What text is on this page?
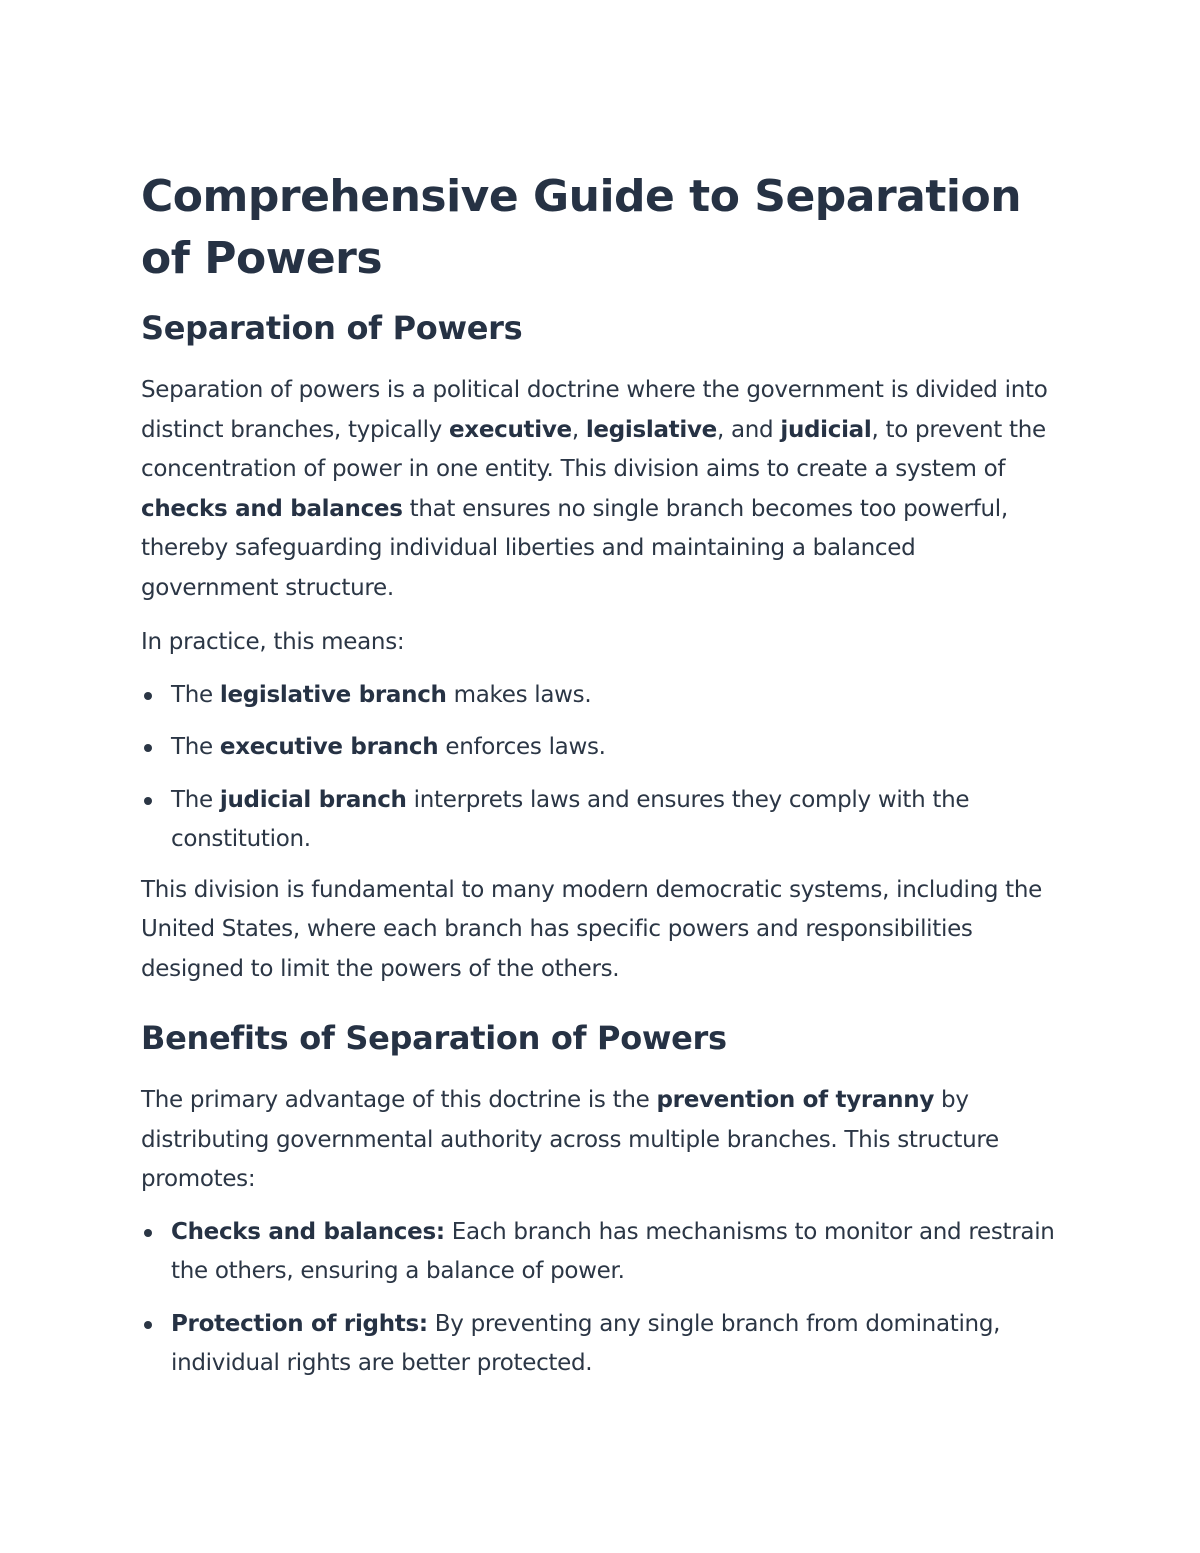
Comprehensive Guide to Separation of Powers
Separation of Powers

Separation of powers is a political doctrine where the government is divided into distinct branches, typically executive, legislative, and judicial, to prevent the concentration of power in one entity. This division aims to create a system of checks and balances that ensures no single branch becomes too powerful, thereby safeguarding individual liberties and maintaining a balanced government structure.

In practice, this means:

The legislative branch makes laws.
The executive branch enforces laws.
The judicial branch interprets laws and ensures they comply with the constitution.

This division is fundamental to many modern democratic systems, including the United States, where each branch has specific powers and responsibilities designed to limit the powers of the others.

Benefits of Separation of Powers

The primary advantage of this doctrine is the prevention of tyranny by distributing governmental authority across multiple branches. This structure promotes:

Checks and balances: Each branch has mechanisms to monitor and restrain the others, ensuring a balance of power.
Protection of rights: By preventing any single branch from dominating, individual rights are better protected.
